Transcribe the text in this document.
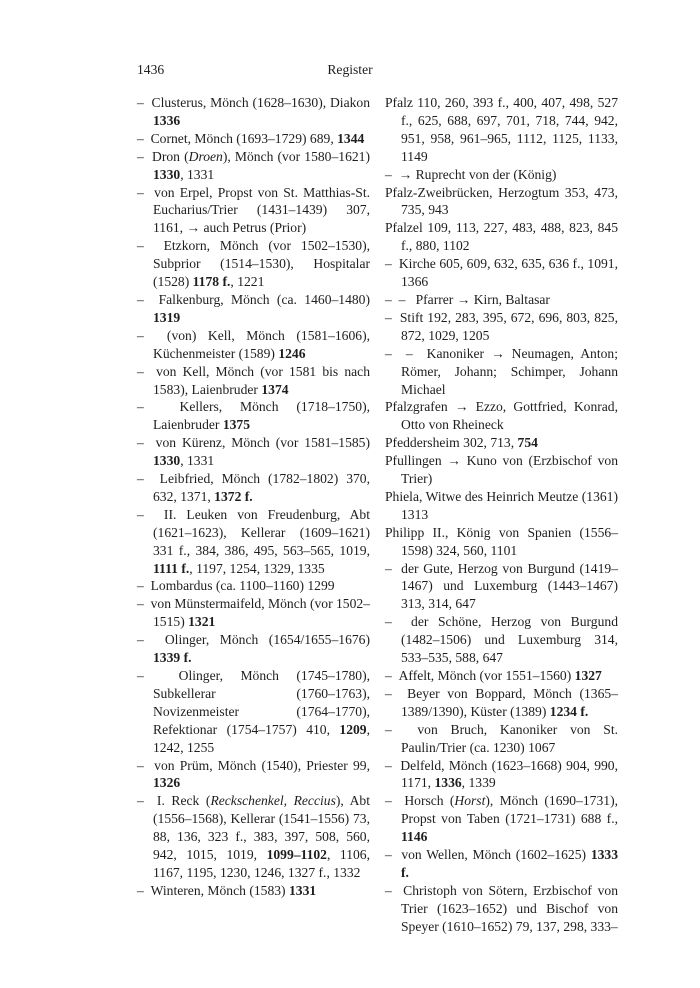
1436	Register
–  Clusterus, Mönch (1628–1630), Diakon 1336
–  Cornet, Mönch (1693–1729) 689, 1344
–  Dron (Droen), Mönch (vor 1580–1621) 1330, 1331
–  von Erpel, Propst von St. Matthias-St. Eucharius/Trier (1431–1439) 307, 1161, → auch Petrus (Prior)
–  Etzkorn, Mönch (vor 1502–1530), Subprior (1514–1530), Hospitalar (1528) 1178 f., 1221
–  Falkenburg, Mönch (ca. 1460–1480) 1319
–  (von) Kell, Mönch (1581–1606), Küchenmeister (1589) 1246
–  von Kell, Mönch (vor 1581 bis nach 1583), Laienbruder 1374
–  Kellers, Mönch (1718–1750), Laienbruder 1375
–  von Kürenz, Mönch (vor 1581–1585) 1330, 1331
–  Leibfried, Mönch (1782–1802) 370, 632, 1371, 1372 f.
–  II. Leuken von Freudenburg, Abt (1621–1623), Kellerar (1609–1621) 331 f., 384, 386, 495, 563–565, 1019, 1111 f., 1197, 1254, 1329, 1335
–  Lombardus (ca. 1100–1160) 1299
–  von Münstermaifeld, Mönch (vor 1502–1515) 1321
–  Olinger, Mönch (1654/1655–1676) 1339 f.
–  Olinger, Mönch (1745–1780), Subkellerar (1760–1763), Novizenmeister (1764–1770), Refektionar (1754–1757) 410, 1209, 1242, 1255
–  von Prüm, Mönch (1540), Priester 99, 1326
–  I. Reck (Reckschenkel, Reccius), Abt (1556–1568), Kellerar (1541–1556) 73, 88, 136, 323 f., 383, 397, 508, 560, 942, 1015, 1019, 1099–1102, 1106, 1167, 1195, 1230, 1246, 1327 f., 1332
–  Winteren, Mönch (1583) 1331
Pfalz 110, 260, 393 f., 400, 407, 498, 527 f., 625, 688, 697, 701, 718, 744, 942, 951, 958, 961–965, 1112, 1125, 1133, 1149
–  → Ruprecht von der (König)
Pfalz-Zweibrücken, Herzogtum 353, 473, 735, 943
Pfalzel 109, 113, 227, 483, 488, 823, 845 f., 880, 1102
–  Kirche 605, 609, 632, 635, 636 f., 1091, 1366
–  –   Pfarrer → Kirn, Baltasar
–  Stift 192, 283, 395, 672, 696, 803, 825, 872, 1029, 1205
–  –  Kanoniker → Neumagen, Anton; Römer, Johann; Schimper, Johann Michael
Pfalzgrafen → Ezzo, Gottfried, Konrad, Otto von Rheineck
Pfeddersheim 302, 713, 754
Pfullingen → Kuno von (Erzbischof von Trier)
Phiela, Witwe des Heinrich Meutze (1361) 1313
Philipp II., König von Spanien (1556–1598) 324, 560, 1101
–  der Gute, Herzog von Burgund (1419–1467) und Luxemburg (1443–1467) 313, 314, 647
–  der Schöne, Herzog von Burgund (1482–1506) und Luxemburg 314, 533–535, 588, 647
–  Affelt, Mönch (vor 1551–1560) 1327
–  Beyer von Boppard, Mönch (1365–1389/1390), Küster (1389) 1234 f.
–  von Bruch, Kanoniker von St. Paulin/Trier (ca. 1230) 1067
–  Delfeld, Mönch (1623–1668) 904, 990, 1171, 1336, 1339
–  Horsch (Horst), Mönch (1690–1731), Propst von Taben (1721–1731) 688 f., 1146
–  von Wellen, Mönch (1602–1625) 1333 f.
–  Christoph von Sötern, Erzbischof von Trier (1623–1652) und Bischof von Speyer (1610–1652) 79, 137, 298, 333–
